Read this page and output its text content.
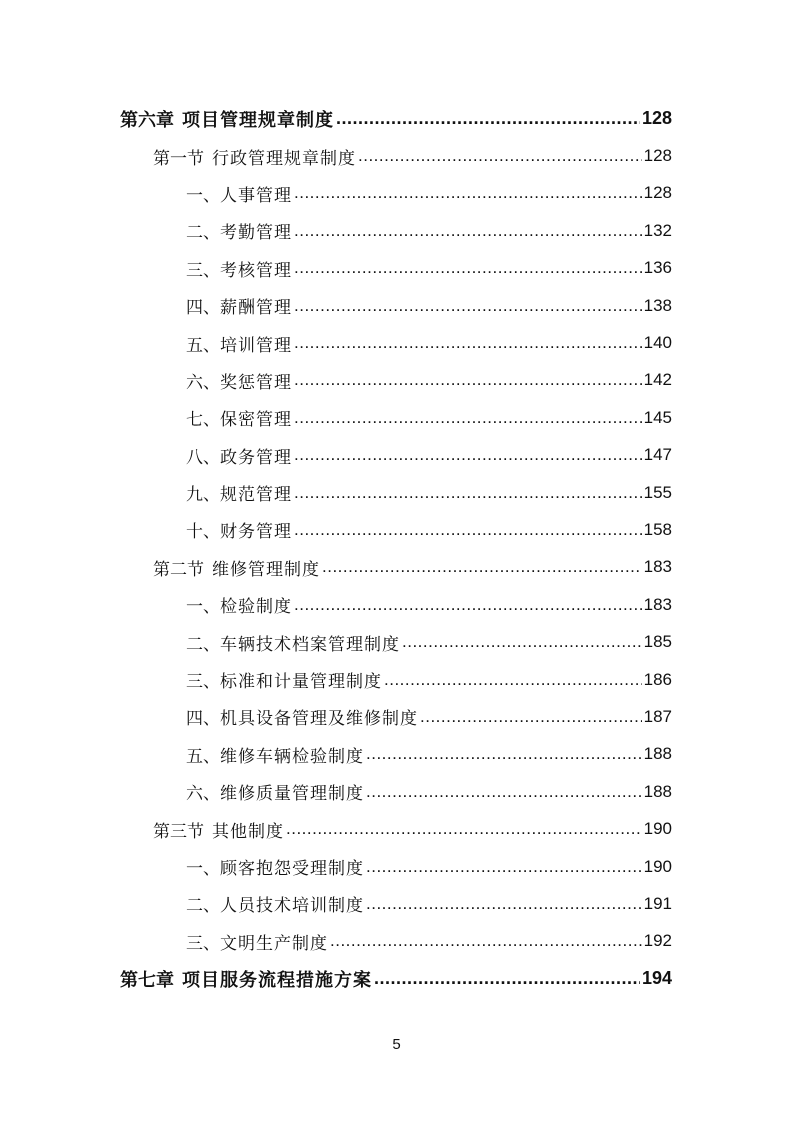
第六章 项目管理规章制度 .....	128
第一节 行政管理规章制度 .....	128
一、 人事管理 .....	128
二、 考勤管理 .....	132
三、 考核管理 .....	136
四、 薪酬管理 .....	138
五、 培训管理 .....	140
六、 奖惩管理 .....	142
七、 保密管理 .....	145
八、 政务管理 .....	147
九、 规范管理 .....	155
十、 财务管理 .....	158
第二节 维修管理制度 .....	183
一、 检验制度 .....	183
二、 车辆技术档案管理制度 .....	185
三、 标准和计量管理制度 .....	186
四、 机具设备管理及维修制度 .....	187
五、 维修车辆检验制度 .....	188
六、 维修质量管理制度 .....	188
第三节 其他制度 .....	190
一、 顾客抱怨受理制度 .....	190
二、 人员技术培训制度 .....	191
三、 文明生产制度 .....	192
第七章 项目服务流程措施方案 .....	194
5
